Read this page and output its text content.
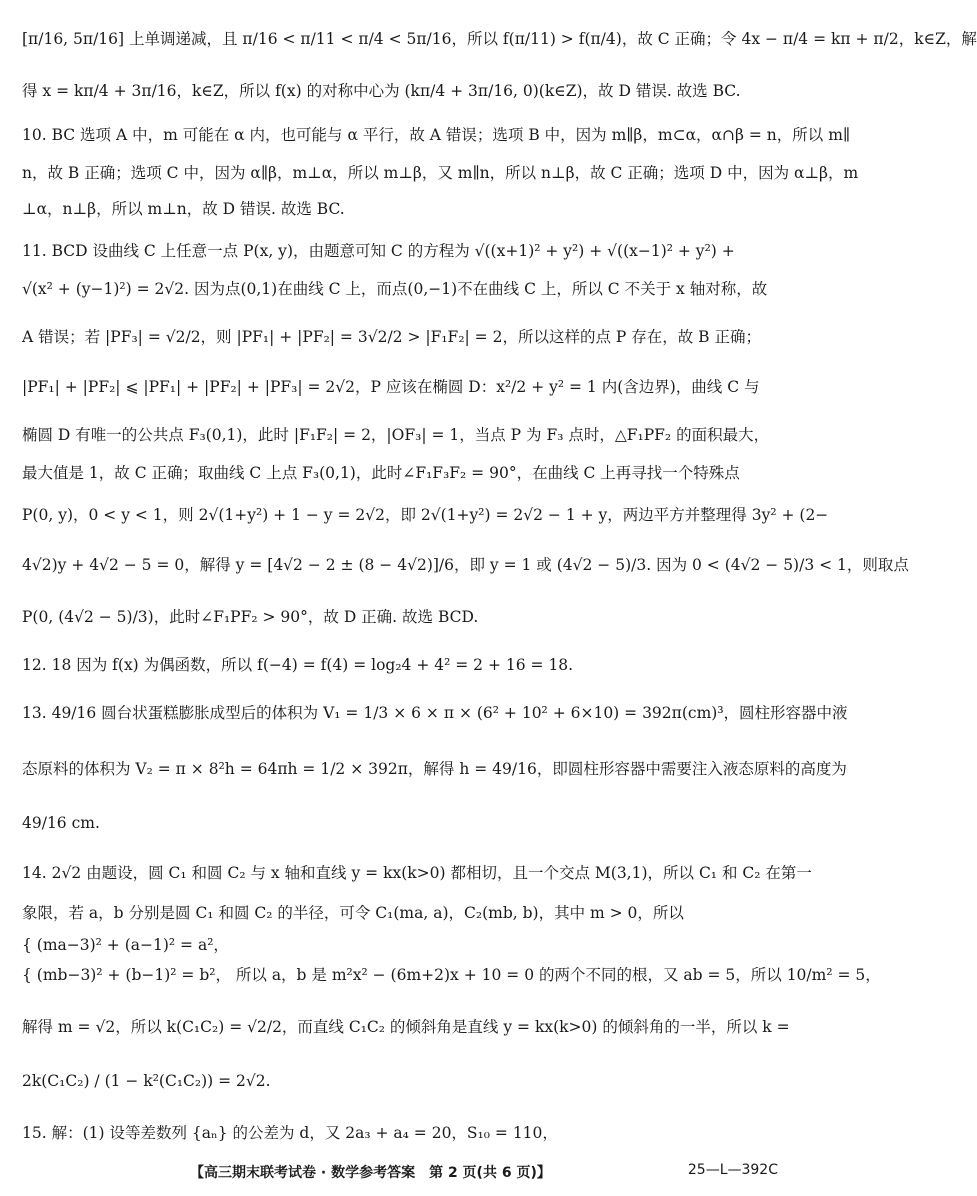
[π/16, 5π/16] 上单调递减，且 π/16 < π/11 < π/4 < 5π/16，所以 f(π/11) > f(π/4)，故 C 正确；令 4x − π/4 = kπ + π/2，k∈Z，解
得 x = kπ/4 + 3π/16，k∈Z，所以 f(x) 的对称中心为 (kπ/4 + 3π/16, 0)(k∈Z)，故 D 错误. 故选 BC.
10. BC 选项 A 中，m 可能在 α 内，也可能与 α 平行，故 A 错误；选项 B 中，因为 m∥β，m⊂α，α∩β = n，所以 m∥
n，故 B 正确；选项 C 中，因为 α∥β，m⊥α，所以 m⊥β，又 m∥n，所以 n⊥β，故 C 正确；选项 D 中，因为 α⊥β，m
⊥α，n⊥β，所以 m⊥n，故 D 错误. 故选 BC.
11. BCD 设曲线 C 上任意一点 P(x, y)，由题意可知 C 的方程为 √((x+1)² + y²) + √((x−1)² + y²) +
√(x² + (y−1)²) = 2√2. 因为点(0,1)在曲线 C 上，而点(0,−1)不在曲线 C 上，所以 C 不关于 x 轴对称，故
A 错误；若 |PF₃| = √2/2，则 |PF₁| + |PF₂| = 3√2/2 > |F₁F₂| = 2，所以这样的点 P 存在，故 B 正确；
|PF₁| + |PF₂| ⩽ |PF₁| + |PF₂| + |PF₃| = 2√2，P 应该在椭圆 D：x²/2 + y² = 1 内(含边界)，曲线 C 与
椭圆 D 有唯一的公共点 F₃(0,1)，此时 |F₁F₂| = 2，|OF₃| = 1，当点 P 为 F₃ 点时，△F₁PF₂ 的面积最大，
最大值是 1，故 C 正确；取曲线 C 上点 F₃(0,1)，此时∠F₁F₃F₂ = 90°，在曲线 C 上再寻找一个特殊点
P(0, y)，0 < y < 1，则 2√(1+y²) + 1 − y = 2√2，即 2√(1+y²) = 2√2 − 1 + y，两边平方并整理得 3y² + (2−
4√2)y + 4√2 − 5 = 0，解得 y = [4√2 − 2 ± (8 − 4√2)]/6，即 y = 1 或 (4√2 − 5)/3. 因为 0 < (4√2 − 5)/3 < 1，则取点
P(0, (4√2 − 5)/3)，此时∠F₁PF₂ > 90°，故 D 正确. 故选 BCD.
12. 18 因为 f(x) 为偶函数，所以 f(−4) = f(4) = log₂4 + 4² = 2 + 16 = 18.
13. 49/16 圆台状蛋糕膨胀成型后的体积为 V₁ = 1/3 × 6 × π × (6² + 10² + 6×10) = 392π(cm)³，圆柱形容器中液
态原料的体积为 V₂ = π × 8²h = 64πh = 1/2 × 392π，解得 h = 49/16，即圆柱形容器中需要注入液态原料的高度为
49/16 cm.
14. 2√2 由题设，圆 C₁ 和圆 C₂ 与 x 轴和直线 y = kx(k>0) 都相切，且一个交点 M(3,1)，所以 C₁ 和 C₂ 在第一
象限，若 a，b 分别是圆 C₁ 和圆 C₂ 的半径，可令 C₁(ma, a)，C₂(mb, b)，其中 m > 0，所以
{ (ma−3)² + (a−1)² = a²，
{ (mb−3)² + (b−1)² = b²， 所以 a，b 是 m²x² − (6m+2)x + 10 = 0 的两个不同的根，又 ab = 5，所以 10/m² = 5，
解得 m = √2，所以 k(C₁C₂) = √2/2，而直线 C₁C₂ 的倾斜角是直线 y = kx(k>0) 的倾斜角的一半，所以 k =
2k(C₁C₂) / (1 − k²(C₁C₂)) = 2√2.
15. 解：(1) 设等差数列 {aₙ} 的公差为 d，又 2a₃ + a₄ = 20，S₁₀ = 110，
【高三期末联考试卷 · 数学参考答案　第 2 页(共 6 页)】	25—L—392C
